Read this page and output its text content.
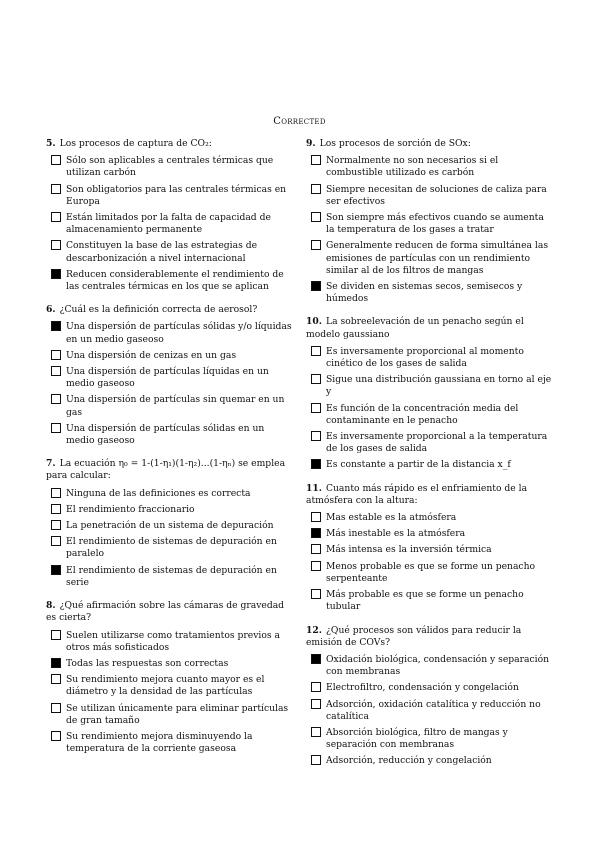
Corrected
5. Los procesos de captura de CO₂:
Sólo son aplicables a centrales térmicas que utilizan carbón
Son obligatorios para las centrales térmicas en Europa
Están limitados por la falta de capacidad de almacenamiento permanente
Constituyen la base de las estrategias de descarbonización a nivel internacional
Reducen considerablemente el rendimiento de las centrales térmicas en los que se aplican
6. ¿Cuál es la definición correcta de aerosol?
Una dispersión de partículas sólidas y/o líquidas en un medio gaseoso
Una dispersión de cenizas en un gas
Una dispersión de partículas líquidas en un medio gaseoso
Una dispersión de partículas sin quemar en un gas
Una dispersión de partículas sólidas en un medio gaseoso
7. La ecuación η₀ = 1-(1-η₁)(1-η₂)...(1-ηₙ) se emplea para calcular:
Ninguna de las definiciones es correcta
El rendimiento fraccionario
La penetración de un sistema de depuración
El rendimiento de sistemas de depuración en paralelo
El rendimiento de sistemas de depuración en serie
8. ¿Qué afirmación sobre las cámaras de gravedad es cierta?
Suelen utilizarse como tratamientos previos a otros más sofisticados
Todas las respuestas son correctas
Su rendimiento mejora cuanto mayor es el diámetro y la densidad de las partículas
Se utilizan únicamente para eliminar partículas de gran tamaño
Su rendimiento mejora disminuyendo la temperatura de la corriente gaseosa
9. Los procesos de sorción de SOx:
Normalmente no son necesarios si el combustible utilizado es carbón
Siempre necesitan de soluciones de caliza para ser efectivos
Son siempre más efectivos cuando se aumenta la temperatura de los gases a tratar
Generalmente reducen de forma simultánea las emisiones de partículas con un rendimiento similar al de los filtros de mangas
Se dividen en sistemas secos, semisecos y húmedos
10. La sobreelevación de un penacho según el modelo gaussiano
Es inversamente proporcional al momento cinético de los gases de salida
Sigue una distribución gaussiana en torno al eje y
Es función de la concentración media del contaminante en le penacho
Es inversamente proporcional a la temperatura de los gases de salida
Es constante a partir de la distancia x_f
11. Cuanto más rápido es el enfriamiento de la atmósfera con la altura:
Mas estable es la atmósfera
Más inestable es la atmósfera
Más intensa es la inversión térmica
Menos probable es que se forme un penacho serpenteante
Más probable es que se forme un penacho tubular
12. ¿Qué procesos son válidos para reducir la emisión de COVs?
Oxidación biológica, condensación y separación con membranas
Electrofiltro, condensación y congelación
Adsorción, oxidación catalítica y reducción no catalítica
Absorción biológica, filtro de mangas y separación con membranas
Adsorción, reducción y congelación
